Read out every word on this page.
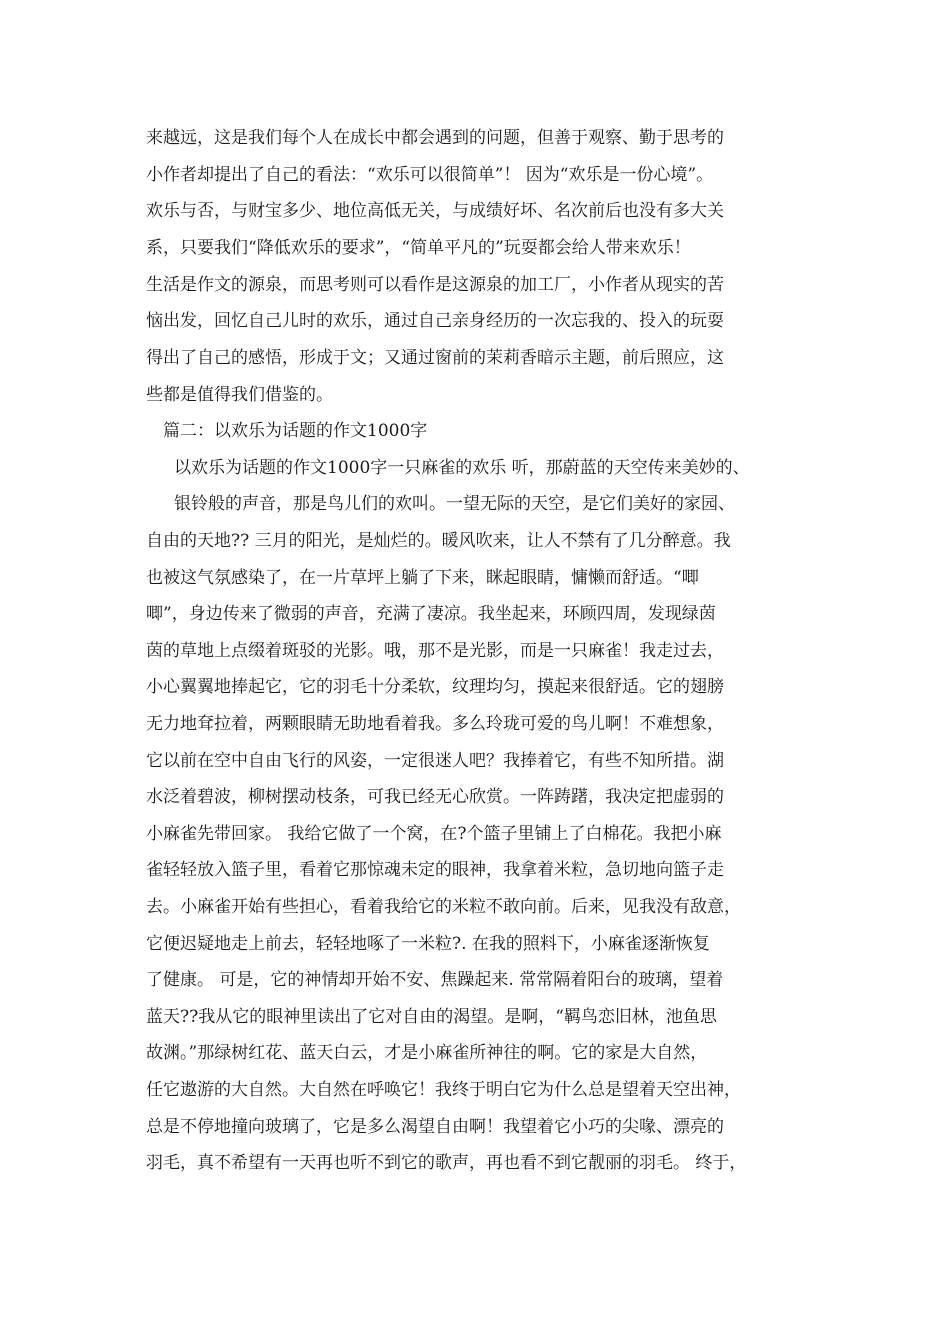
来越远，这是我们每个人在成长中都会遇到的问题，但善于观察、勤于思考的

小作者却提出了自己的看法：“欢乐可以很简单”！ 因为“欢乐是一份心境”。

欢乐与否，与财宝多少、地位高低无关，与成绩好坏、名次前后也没有多大关

系，只要我们“降低欢乐的要求”，“简单平凡的”玩耍都会给人带来欢乐！

生活是作文的源泉，而思考则可以看作是这源泉的加工厂，小作者从现实的苦

恼出发，回忆自己儿时的欢乐，通过自己亲身经历的一次忘我的、投入的玩耍

得出了自己的感悟，形成于文；又通过窗前的茉莉香暗示主题，前后照应，这

些都是值得我们借鉴的。

篇二：以欢乐为话题的作文1000字

以欢乐为话题的作文1000字一只麻雀的欢乐 听，那蔚蓝的天空传来美妙的、

银铃般的声音，那是鸟儿们的欢叫。一望无际的天空，是它们美好的家园、

自由的天地?? 三月的阳光，是灿烂的。暖风吹来，让人不禁有了几分醉意。我

也被这气氛感染了，在一片草坪上躺了下来，眯起眼睛，慵懒而舒适。“唧

唧”，身边传来了微弱的声音，充满了凄凉。我坐起来，环顾四周，发现绿茵

茵的草地上点缀着斑驳的光影。哦，那不是光影，而是一只麻雀！我走过去，

小心翼翼地捧起它，它的羽毛十分柔软，纹理均匀，摸起来很舒适。它的翅膀

无力地耷拉着，两颗眼睛无助地看着我。多么玲珑可爱的鸟儿啊！不难想象，

它以前在空中自由飞行的风姿，一定很迷人吧？我捧着它，有些不知所措。湖

水泛着碧波，柳树摆动枝条，可我已经无心欣赏。一阵踌躇，我决定把虚弱的

小麻雀先带回家。 我给它做了一个窝，在?个篮子里铺上了白棉花。我把小麻

雀轻轻放入篮子里，看着它那惊魂未定的眼神，我拿着米粒，急切地向篮子走

去。小麻雀开始有些担心，看着我给它的米粒不敢向前。后来，见我没有敌意，

它便迟疑地走上前去，轻轻地啄了一米粒?. 在我的照料下，小麻雀逐渐恢复

了健康。 可是，它的神情却开始不安、焦躁起来. 常常隔着阳台的玻璃，望着

蓝天??我从它的眼神里读出了它对自由的渴望。是啊，“羁鸟恋旧林，池鱼思

故渊。”那绿树红花、蓝天白云，才是小麻雀所神往的啊。它的家是大自然，

任它遨游的大自然。大自然在呼唤它！我终于明白它为什么总是望着天空出神，

总是不停地撞向玻璃了，它是多么渴望自由啊！我望着它小巧的尖喙、漂亮的

羽毛，真不希望有一天再也听不到它的歌声，再也看不到它靓丽的羽毛。 终于，
